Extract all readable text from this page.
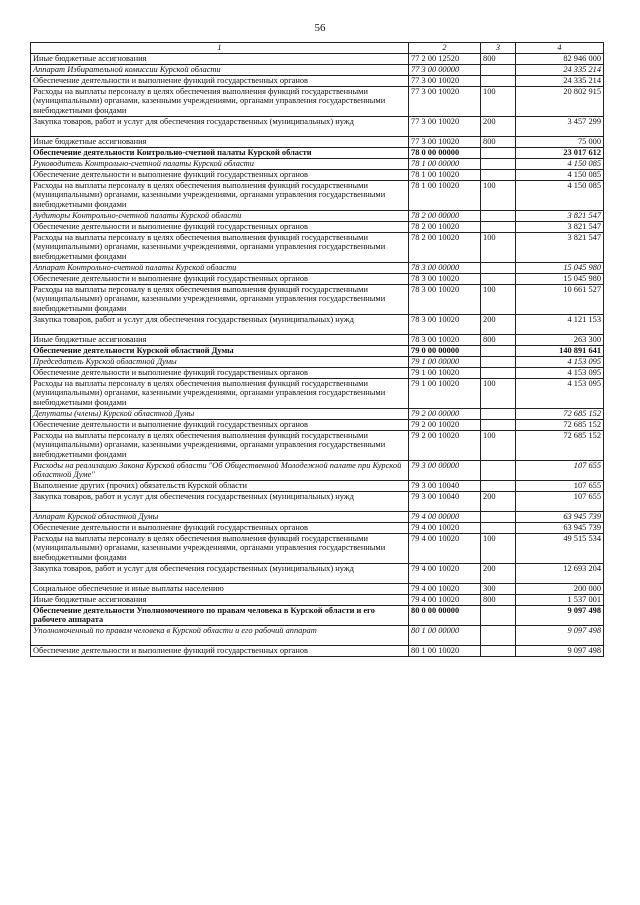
56
1	2	3	4
Иные бюджетные ассигнования	77 2 00 12520	800	82 946 000
Аппарат Избирательной комиссии Курской области	77 3 00 00000		24 335 214
Обеспечение деятельности и выполнение функций государственных органов	77 3 00 10020		24 335 214
Расходы на выплаты персоналу в целях обеспечения выполнения функций государственными (муниципальными) органами, казенными учреждениями, органами управления государственными внебюджетными фондами	77 3 00 10020	100	20 802 915
Закупка товаров, работ и услуг для обеспечения государственных (муниципальных) нужд	77 3 00 10020	200	3 457 299
Иные бюджетные ассигнования	77 3 00 10020	800	75 000
Обеспечение деятельности Контрольно-счетной палаты Курской области	78 0 00 00000		23 017 612
Руководитель Контрольно-счетной палаты Курской области	78 1 00 00000		4 150 085
Обеспечение деятельности и выполнение функций государственных органов	78 1 00 10020		4 150 085
Расходы на выплаты персоналу в целях обеспечения выполнения функций государственными (муниципальными) органами, казенными учреждениями, органами управления государственными внебюджетными фондами	78 1 00 10020	100	4 150 085
Аудиторы Контрольно-счетной палаты Курской области	78 2 00 00000		3 821 547
Обеспечение деятельности и выполнение функций государственных органов	78 2 00 10020		3 821 547
Расходы на выплаты персоналу в целях обеспечения выполнения функций государственными (муниципальными) органами, казенными учреждениями, органами управления государственными внебюджетными фондами	78 2 00 10020	100	3 821 547
Аппарат Контрольно-счетной палаты Курской области	78 3 00 00000		15 045 980
Обеспечение деятельности и выполнение функций государственных органов	78 3 00 10020		15 045 980
Расходы на выплаты персоналу в целях обеспечения выполнения функций государственными (муниципальными) органами, казенными учреждениями, органами управления государственными внебюджетными фондами	78 3 00 10020	100	10 661 527
Закупка товаров, работ и услуг для обеспечения государственных (муниципальных) нужд	78 3 00 10020	200	4 121 153
Иные бюджетные ассигнования	78 3 00 10020	800	263 300
Обеспечение деятельности Курской областной Думы	79 0 00 00000		140 891 641
Председатель Курской областной Думы	79 1 00 00000		4 153 095
Обеспечение деятельности и выполнение функций государственных органов	79 1 00 10020		4 153 095
Расходы на выплаты персоналу в целях обеспечения выполнения функций государственными (муниципальными) органами, казенными учреждениями, органами управления государственными внебюджетными фондами	79 1 00 10020	100	4 153 095
Депутаты (члены) Курской областной Думы	79 2 00 00000		72 685 152
Обеспечение деятельности и выполнение функций государственных органов	79 2 00 10020		72 685 152
Расходы на выплаты персоналу в целях обеспечения выполнения функций государственными (муниципальными) органами, казенными учреждениями, органами управления государственными внебюджетными фондами	79 2 00 10020	100	72 685 152
Расходы на реализацию Закона Курской области "Об Общественной Молодежной палате при Курской областной Думе"	79 3 00 00000		107 655
Выполнение других (прочих) обязательств Курской области	79 3 00 10040		107 655
Закупка товаров, работ и услуг для обеспечения государственных (муниципальных) нужд	79 3 00 10040	200	107 655
Аппарат Курской областной Думы	79 4 00 00000		63 945 739
Обеспечение деятельности и выполнение функций государственных органов	79 4 00 10020		63 945 739
Расходы на выплаты персоналу в целях обеспечения выполнения функций государственными (муниципальными) органами, казенными учреждениями, органами управления государственными внебюджетными фондами	79 4 00 10020	100	49 515 534
Закупка товаров, работ и услуг для обеспечения государственных (муниципальных) нужд	79 4 00 10020	200	12 693 204
Социальное обеспечение и иные выплаты населению	79 4 00 10020	300	200 000
Иные бюджетные ассигнования	79 4 00 10020	800	1 537 001
Обеспечение деятельности Уполномоченного по правам человека в Курской области и его рабочего аппарата	80 0 00 00000		9 097 498
Уполномоченный по правам человека в Курской области и его рабочий аппарат	80 1 00 00000		9 097 498
Обеспечение деятельности и выполнение функций государственных органов	80 1 00 10020		9 097 498
